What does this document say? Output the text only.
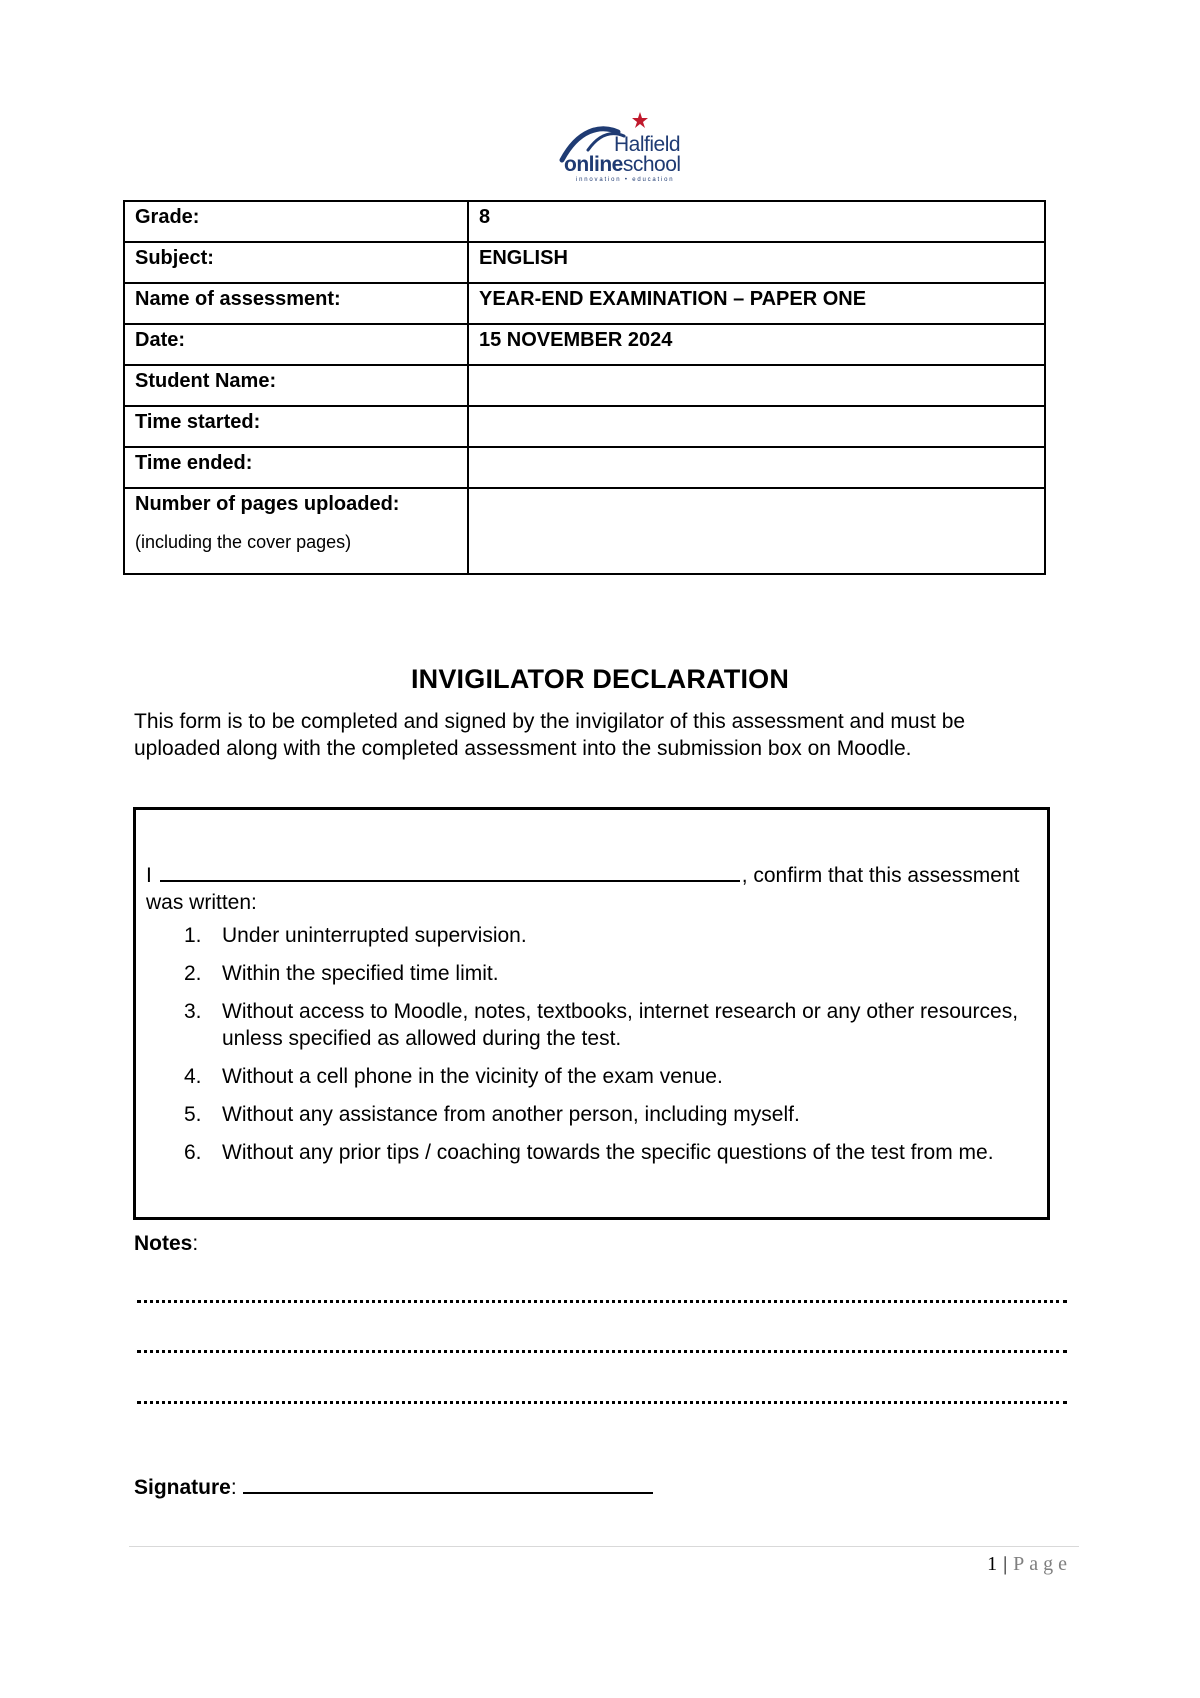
Halfield
onlineschool
innovation • education
Grade:	8
Subject:	ENGLISH
Name of assessment:	YEAR-END EXAMINATION – PAPER ONE
Date:	15 NOVEMBER 2024
Student Name:	
Time started:	
Time ended:	
Number of pages uploaded:
(including the cover pages)	

INVIGILATOR DECLARATION
This form is to be completed and signed by the invigilator of this assessment and must be uploaded along with the completed assessment into the submission box on Moodle.
I	, confirm that this assessment was written:
1. Under uninterrupted supervision.
2. Within the specified time limit.
3. Without access to Moodle, notes, textbooks, internet research or any other resources, unless specified as allowed during the test.
4. Without a cell phone in the vicinity of the exam venue.
5. Without any assistance from another person, including myself.
6. Without any prior tips / coaching towards the specific questions of the test from me.
Notes:
Signature:
1 | Page
